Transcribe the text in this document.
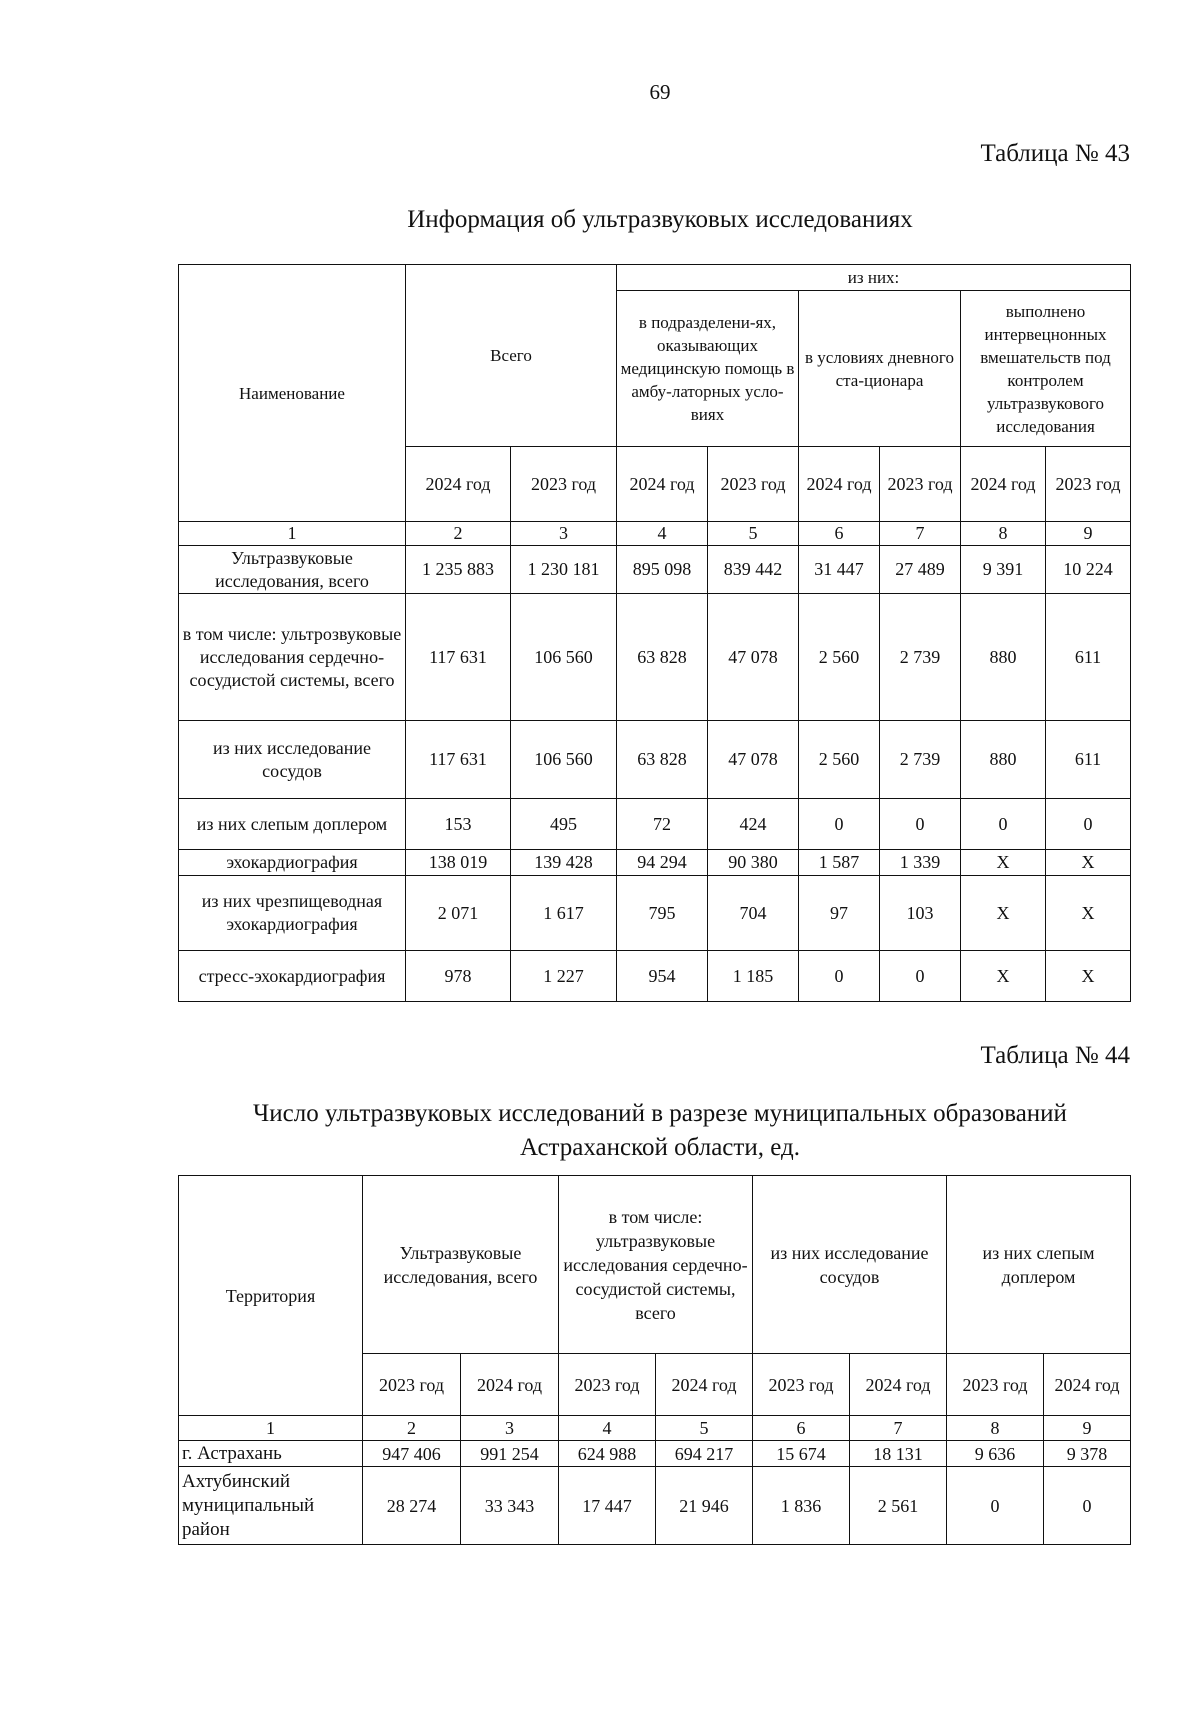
69
Таблица № 43
Информация об ультразвуковых исследованиях
Наименование	Всего		из них:					
			в подразделени-ях, оказывающих медицинскую помощь в амбу-латорных усло-виях		в условиях дневного ста-ционара		выполнено интервецнонных вмешательств под контролем ультразвукового исследования	
	2024 год	2023 год	2024 год	2023 год	2024 год	2023 год	2024 год	2023 год
1	2	3	4	5	6	7	8	9
Ультразвуковые исследования, всего	1 235 883	1 230 181	895 098	839 442	31 447	27 489	9 391	10 224
в том числе: ультрозвуковые исследования сердечно-сосудистой системы, всего	117 631	106 560	63 828	47 078	2 560	2 739	880	611
из них исследование сосудов	117 631	106 560	63 828	47 078	2 560	2 739	880	611
из них слепым доплером	153	495	72	424	0	0	0	0
эхокардиография	138 019	139 428	94 294	90 380	1 587	1 339	X	X
из них чрезпищеводная эхокардиография	2 071	1 617	795	704	97	103	X	X
стресс-эхокардиография	978	1 227	954	1 185	0	0	X	X
Таблица № 44
Число ультразвуковых исследований в разрезе муниципальных образований
Астраханской области, ед.
Территория	Ультразвуковые исследования, всего		в том числе: ультразвуковые исследования сердечно-сосудистой системы, всего		из них исследование сосудов		из них слепым доплером	
	2023 год	2024 год	2023 год	2024 год	2023 год	2024 год	2023 год	2024 год
1	2	3	4	5	6	7	8	9
г. Астрахань	947 406	991 254	624 988	694 217	15 674	18 131	9 636	9 378
Ахтубинский муниципальный район	28 274	33 343	17 447	21 946	1 836	2 561	0	0
